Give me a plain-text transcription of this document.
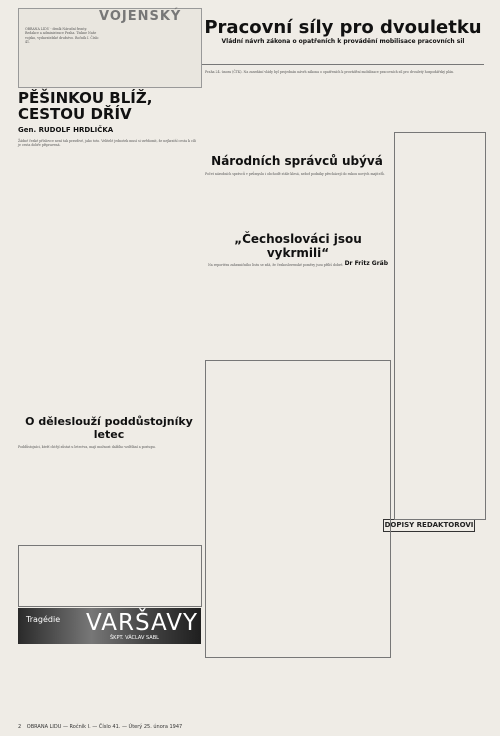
VOJENSKÝ
OBRANA LIDU - deník Národní fronty. Redakce a administrace Praha. Tiskne Naše vojsko, vydavatelské družstvo. Ročník I. Číslo 41.
Pracovní síly pro dvouletku
Vládní návrh zákona o opatřeních k provádění mobilisace pracovních sil
PĚŠINKOU BLÍŽ, CESTOU DŘÍV
Gen. RUDOLF HRDLIČKA
Žádné české příslovce není tak pravdivé, jako toto. Velitelé jednotek musí si uvědomit, že nejkratší cesta k cíli je cesta dobře připravená.
Praha 24. února (ČTK). Na zasedání vlády byl projednán návrh zákona o opatřeních k provádění mobilisace pracovních sil pro dvouletý hospodářský plán.
Národních správců ubývá
Počet národních správců v průmyslu i obchodě stále klesá, neboť podniky přecházejí do rukou nových majitelů.
„Čechoslováci jsou vykrmili“
Dr Fritz Gräb
Na reportéra zahraničního listu se zdá, že československé poměry jsou příliš dobré.
O děleslouží poddůstojníky letec
Poddůstojníci, kteří chtějí zůstat u letectva, mají možnost dalšího vzdělání a postupu.
Tragédie VARŠAVY
ŠKPT. VÁCLAV SABL
DOPISY REDAKTOROVI
2 OBRANA LIDU — Ročník I. — Číslo 41. — Úterý 25. února 1947
